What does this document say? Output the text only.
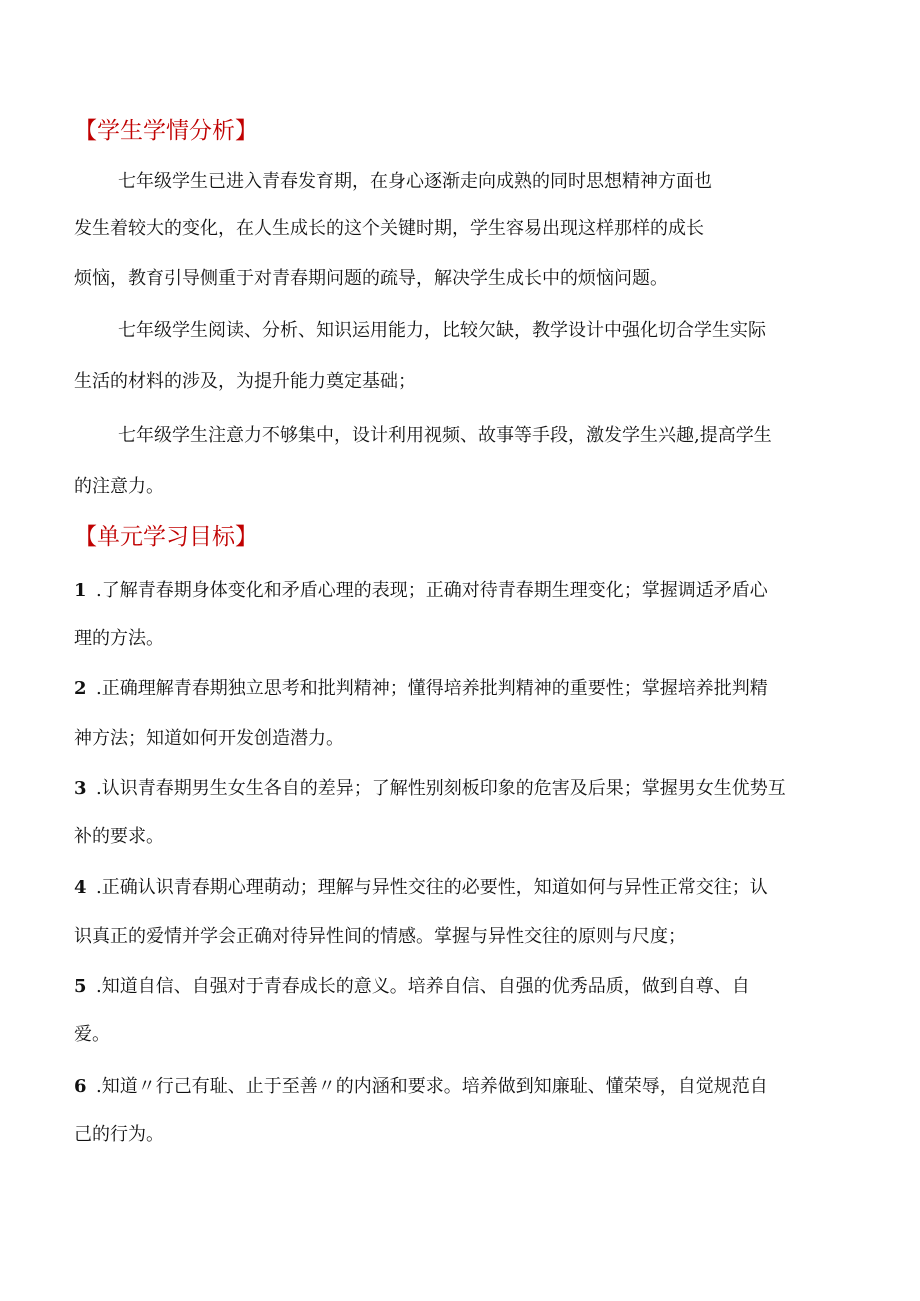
【学生学情分析】
七年级学生已进入青春发育期，在身心逐渐走向成熟的同时思想精神方面也
发生着较大的变化，在人生成长的这个关键时期，学生容易出现这样那样的成长
烦恼，教育引导侧重于对青春期问题的疏导，解决学生成长中的烦恼问题。
七年级学生阅读、分析、知识运用能力，比较欠缺，教学设计中强化切合学生实际
生活的材料的涉及，为提升能力奠定基础；
七年级学生注意力不够集中，设计利用视频、故事等手段，激发学生兴趣,提高学生
的注意力。
【单元学习目标】
1 .了解青春期身体变化和矛盾心理的表现；正确对待青春期生理变化；掌握调适矛盾心
理的方法。
2 .正确理解青春期独立思考和批判精神；懂得培养批判精神的重要性；掌握培养批判精
神方法；知道如何开发创造潜力。
3 .认识青春期男生女生各自的差异；了解性别刻板印象的危害及后果；掌握男女生优势互
补的要求。
4 .正确认识青春期心理萌动；理解与异性交往的必要性，知道如何与异性正常交往；认
识真正的爱情并学会正确对待异性间的情感。掌握与异性交往的原则与尺度；
5 .知道自信、自强对于青春成长的意义。培养自信、自强的优秀品质，做到自尊、自
爱。
6 .知道〃行己有耻、止于至善〃的内涵和要求。培养做到知廉耻、懂荣辱，自觉规范自
己的行为。
